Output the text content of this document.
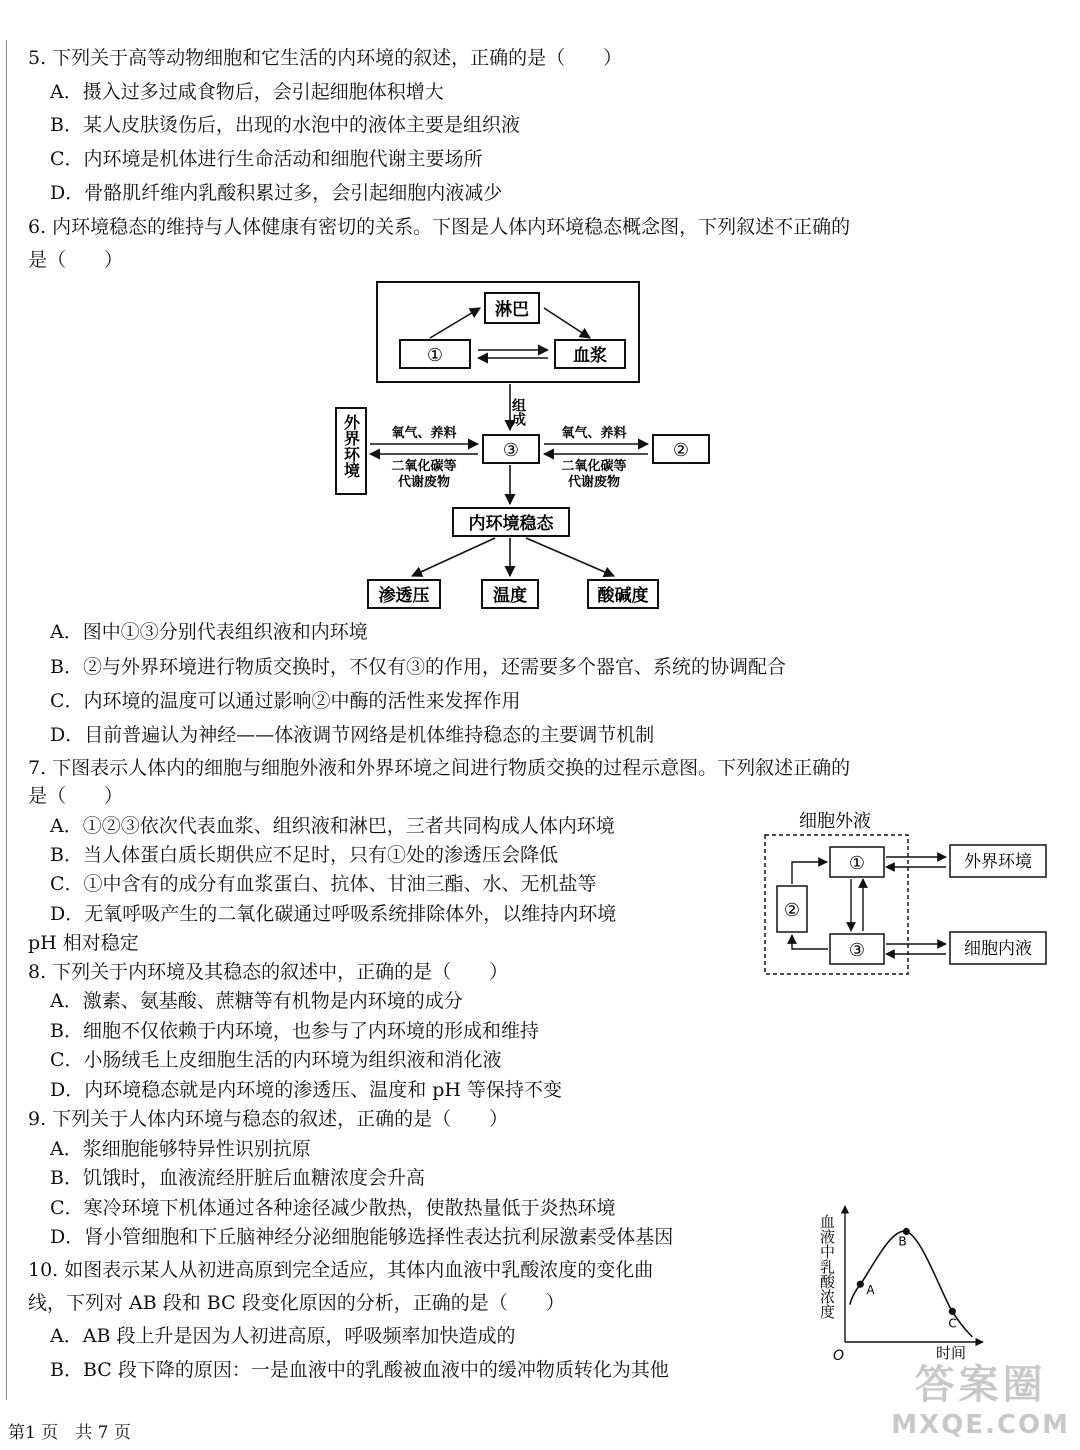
5. 下列关于高等动物细胞和它生活的内环境的叙述，正确的是（　　）
A．摄入过多过咸食物后，会引起细胞体积增大
B．某人皮肤烫伤后，出现的水泡中的液体主要是组织液
C．内环境是机体进行生命活动和细胞代谢主要场所
D．骨骼肌纤维内乳酸积累过多，会引起细胞内液减少
6. 内环境稳态的维持与人体健康有密切的关系。下图是人体内环境稳态概念图，下列叙述不正确的
是（　　）
淋巴
①	血浆
组成
外界环境	③	②
氧气、养料
二氧化碳等
代谢废物
氧气、养料
二氧化碳等
代谢废物
内环境稳态
渗透压	温度	酸碱度
A．图中①③分别代表组织液和内环境
B．②与外界环境进行物质交换时，不仅有③的作用，还需要多个器官、系统的协调配合
C．内环境的温度可以通过影响②中酶的活性来发挥作用
D．目前普遍认为神经——体液调节网络是机体维持稳态的主要调节机制
7. 下图表示人体内的细胞与细胞外液和外界环境之间进行物质交换的过程示意图。下列叙述正确的
是（　　）
A．①②③依次代表血浆、组织液和淋巴，三者共同构成人体内环境
B．当人体蛋白质长期供应不足时，只有①处的渗透压会降低
C．①中含有的成分有血浆蛋白、抗体、甘油三酯、水、无机盐等
D．无氧呼吸产生的二氧化碳通过呼吸系统排除体外，以维持内环境
pH 相对稳定
细胞外液
①
②
③
外界环境
细胞内液
8. 下列关于内环境及其稳态的叙述中，正确的是（　　）
A．激素、氨基酸、蔗糖等有机物是内环境的成分
B．细胞不仅依赖于内环境，也参与了内环境的形成和维持
C．小肠绒毛上皮细胞生活的内环境为组织液和消化液
D．内环境稳态就是内环境的渗透压、温度和 pH 等保持不变
9. 下列关于人体内环境与稳态的叙述，正确的是（　　）
A．浆细胞能够特异性识别抗原
B．饥饿时，血液流经肝脏后血糖浓度会升高
C．寒冷环境下机体通过各种途径减少散热，使散热量低于炎热环境
D．肾小管细胞和下丘脑神经分泌细胞能够选择性表达抗利尿激素受体基因
10. 如图表示某人从初进高原到完全适应，其体内血液中乳酸浓度的变化曲
线，下列对 AB 段和 BC 段变化原因的分析，正确的是（　　）
A．AB 段上升是因为人初进高原，呼吸频率加快造成的
B．BC 段下降的原因：一是血液中的乳酸被血液中的缓冲物质转化为其他
血液中乳酸浓度
时间
O
A
B
C
第1 页　共 7 页
答案圈
MXQE.COM
